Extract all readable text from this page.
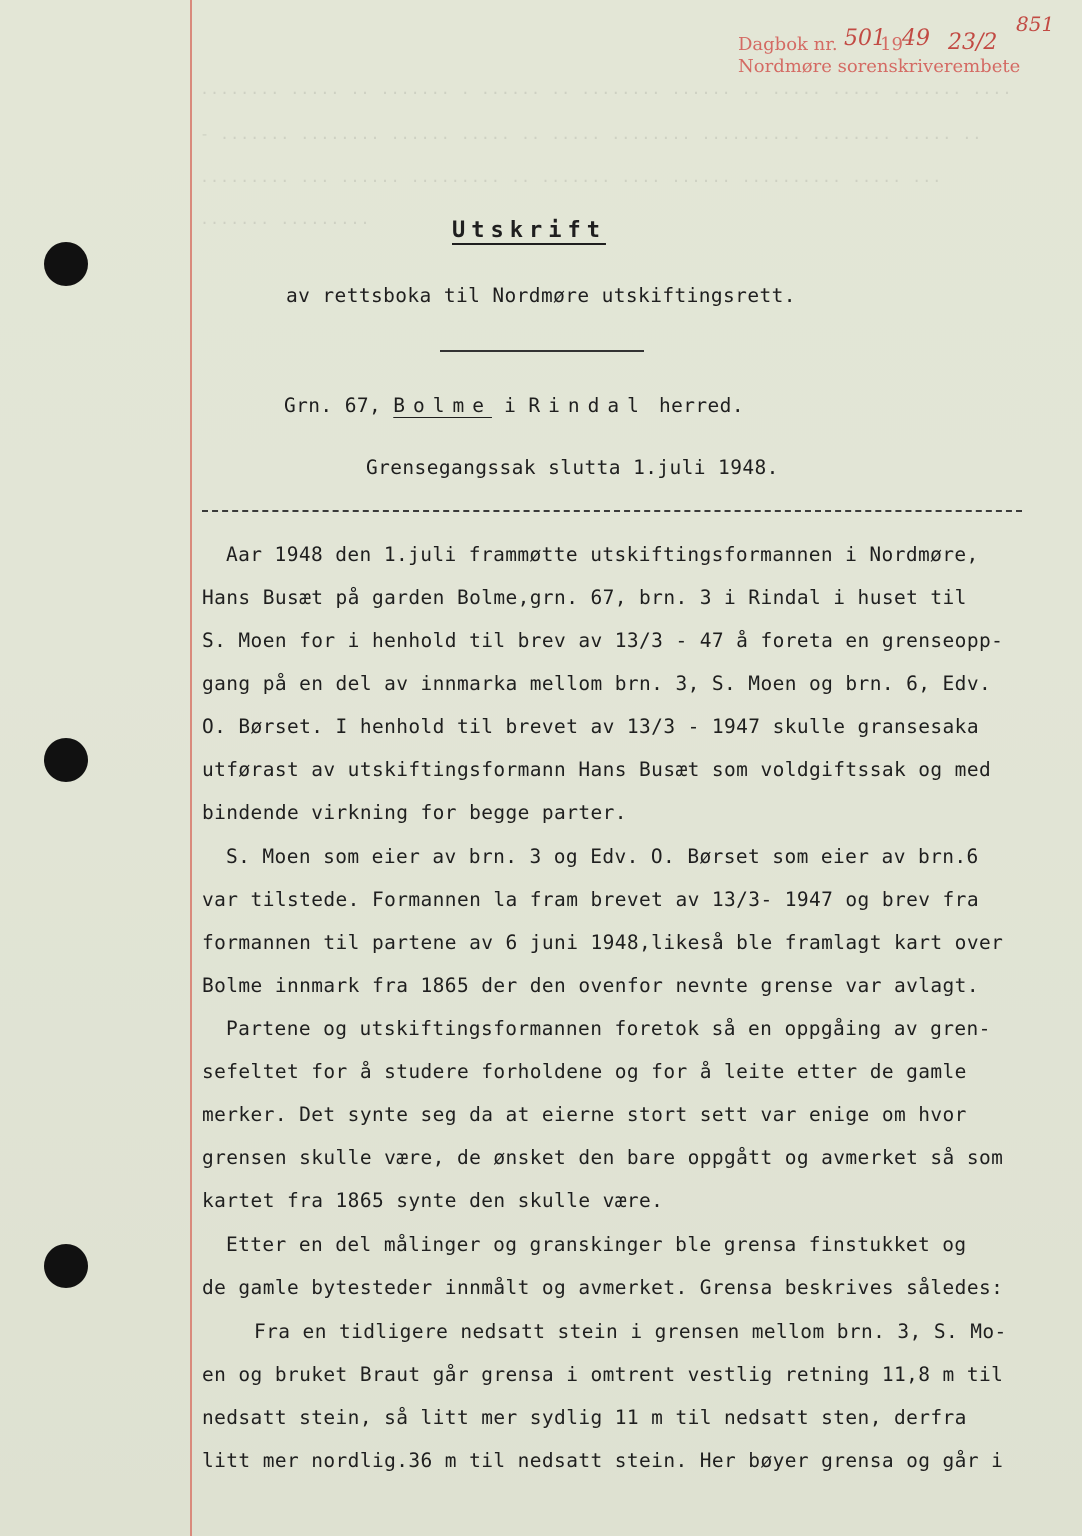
........ ..... .. ....... . ...... .. ........ ...... .. ..... ..... ....... ....
- ....... ........ ...... ..... .. ..... ........ .......... ........ ..... ..
......... ... ...... ......... .. ....... .... ...... .......... ..... ...
....... .........
Dagbok nr. 19
Nordmøre sorenskriverembete
501 49 23/2
851
Utskrift
av rettsboka til Nordmøre utskiftingsrett.
Grn. 67, Bolme i Rindal herred.
Grensegangssak slutta 1.juli 1948.
Aar 1948 den 1.juli frammøtte utskiftingsformannen i Nordmøre,
Hans Busæt på garden Bolme,grn. 67, brn. 3 i Rindal i huset til
S. Moen for i henhold til brev av 13/3 - 47 å foreta en grenseopp-
gang på en del av innmarka mellom brn. 3, S. Moen og brn. 6, Edv.
O. Børset. I henhold til brevet av 13/3 - 1947 skulle gransesaka
utførast av utskiftingsformann Hans Busæt som voldgiftssak og med
bindende virkning for begge parter.
S. Moen som eier av brn. 3 og Edv. O. Børset som eier av brn.6
var tilstede. Formannen la fram brevet av 13/3- 1947 og brev fra
formannen til partene av 6 juni 1948,likeså ble framlagt kart over
Bolme innmark fra 1865 der den ovenfor nevnte grense var avlagt.
Partene og utskiftingsformannen foretok så en oppgåing av gren-
sefeltet for å studere forholdene og for å leite etter de gamle
merker. Det synte seg da at eierne stort sett var enige om hvor
grensen skulle være, de ønsket den bare oppgått og avmerket så som
kartet fra 1865 synte den skulle være.
Etter en del målinger og granskinger ble grensa finstukket og
de gamle bytesteder innmålt og avmerket. Grensa beskrives således:
Fra en tidligere nedsatt stein i grensen mellom brn. 3, S. Mo-
en og bruket Braut går grensa i omtrent vestlig retning 11,8 m til
nedsatt stein, så litt mer sydlig 11 m til nedsatt sten, derfra
litt mer nordlig.36 m til nedsatt stein. Her bøyer grensa og går i
